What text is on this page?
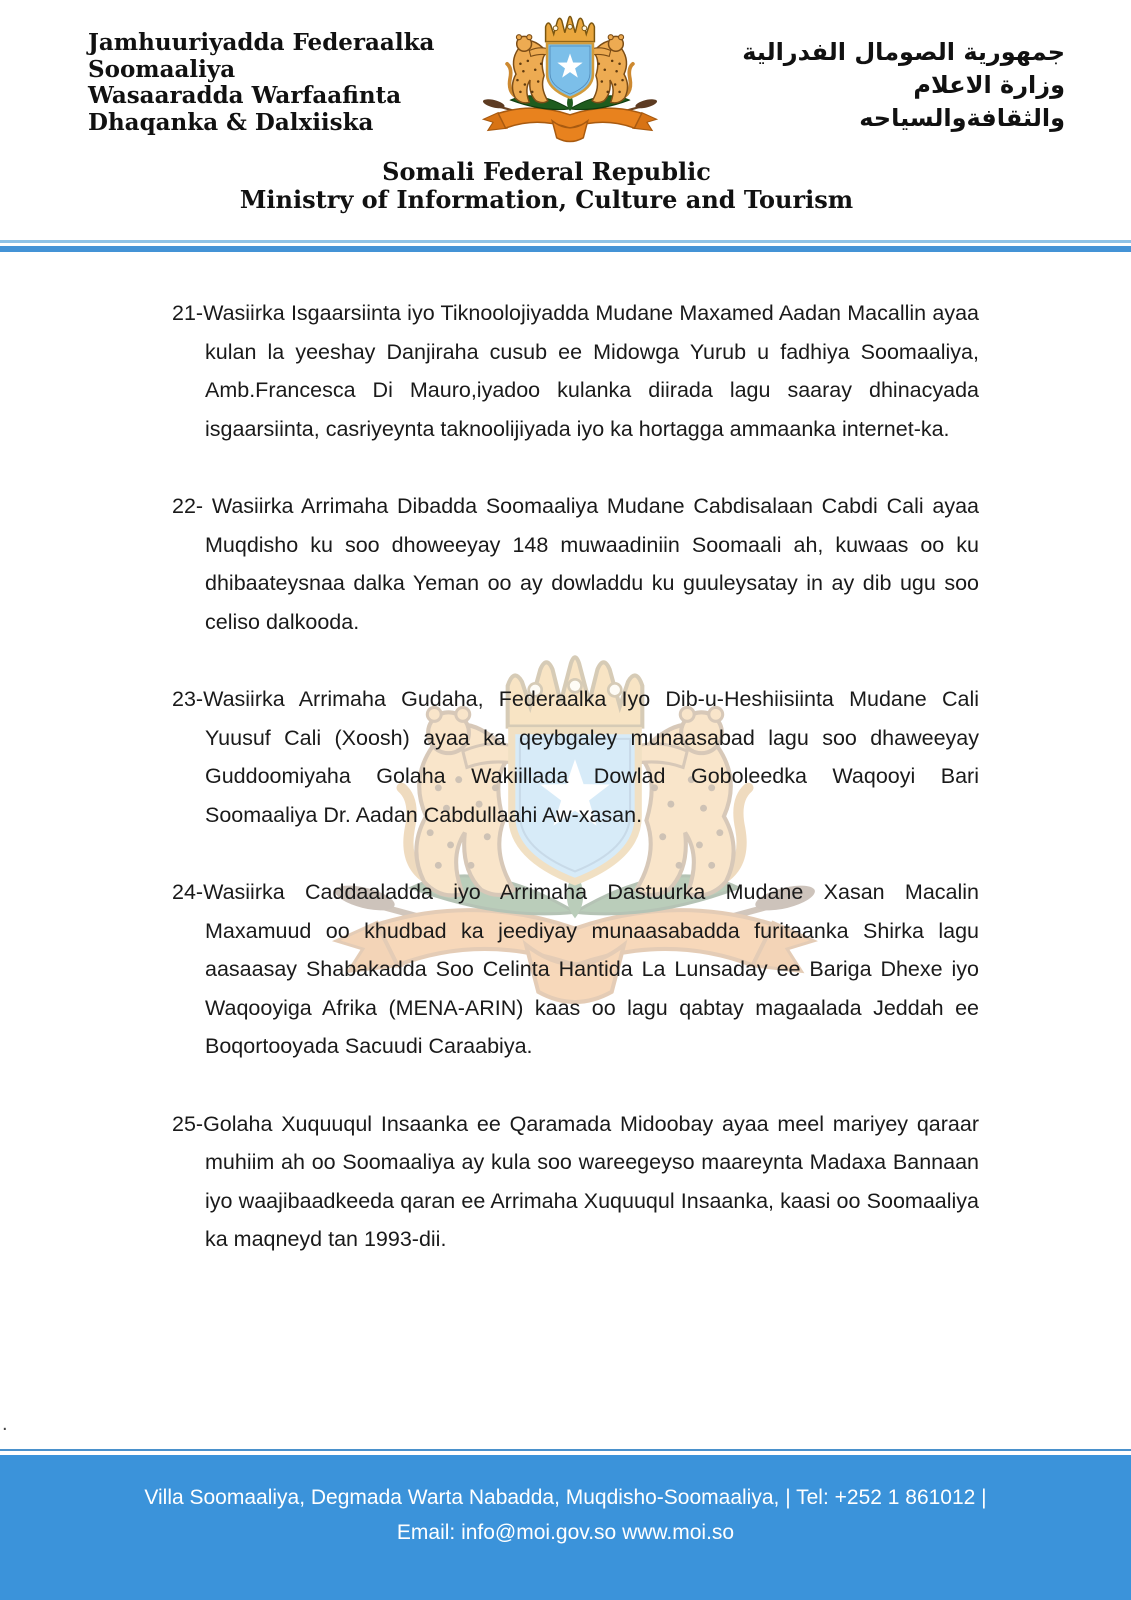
Jamhuuriyadda Federaalka
Soomaaliya
Wasaaradda Warfaafinta
Dhaqanka & Dalxiiska
جمهورية الصومال الفدرالية
وزارة الاعلام
والثقافةوالسياحه
Somali Federal Republic
Ministry of Information, Culture and Tourism

21-Wasiirka Isgaarsiinta iyo Tiknoolojiyadda Mudane Maxamed Aadan Macallin ayaa kulan la yeeshay Danjiraha cusub ee Midowga Yurub u fadhiya Soomaaliya, Amb.Francesca Di Mauro,iyadoo kulanka diirada lagu saaray dhinacyada isgaarsiinta, casriyeynta taknoolijiyada iyo ka hortagga ammaanka internet-ka.

22- Wasiirka Arrimaha Dibadda Soomaaliya Mudane Cabdisalaan Cabdi Cali ayaa Muqdisho ku soo dhoweeyay 148 muwaadiniin Soomaali ah, kuwaas oo ku dhibaateysnaa dalka Yeman oo ay dowladdu ku guuleysatay in ay dib ugu soo celiso dalkooda.

23-Wasiirka Arrimaha Gudaha, Federaalka Iyo Dib-u-Heshiisiinta Mudane Cali Yuusuf Cali (Xoosh) ayaa ka qeybgaley munaasabad lagu soo dhaweeyay Guddoomiyaha Golaha Wakiillada Dowlad Goboleedka Waqooyi Bari Soomaaliya Dr. Aadan Cabdullaahi Aw-xasan.

24-Wasiirka Caddaaladda iyo Arrimaha Dastuurka Mudane Xasan Macalin Maxamuud oo khudbad ka jeediyay munaasabadda furitaanka Shirka lagu aasaasay Shabakadda Soo Celinta Hantida La Lunsaday ee Bariga Dhexe iyo Waqooyiga Afrika (MENA-ARIN) kaas oo lagu qabtay magaalada Jeddah ee Boqortooyada Sacuudi Caraabiya.

25-Golaha Xuquuqul Insaanka ee Qaramada Midoobay ayaa meel mariyey qaraar muhiim ah oo Soomaaliya ay kula soo wareegeyso maareynta Madaxa Bannaan iyo waajibaadkeeda qaran ee Arrimaha Xuquuqul Insaanka, kaasi oo Soomaaliya ka maqneyd tan 1993-dii.

.
Villa Soomaaliya, Degmada Warta Nabadda, Muqdisho-Soomaaliya, | Tel: +252 1 861012 |
Email: info@moi.gov.so www.moi.so
